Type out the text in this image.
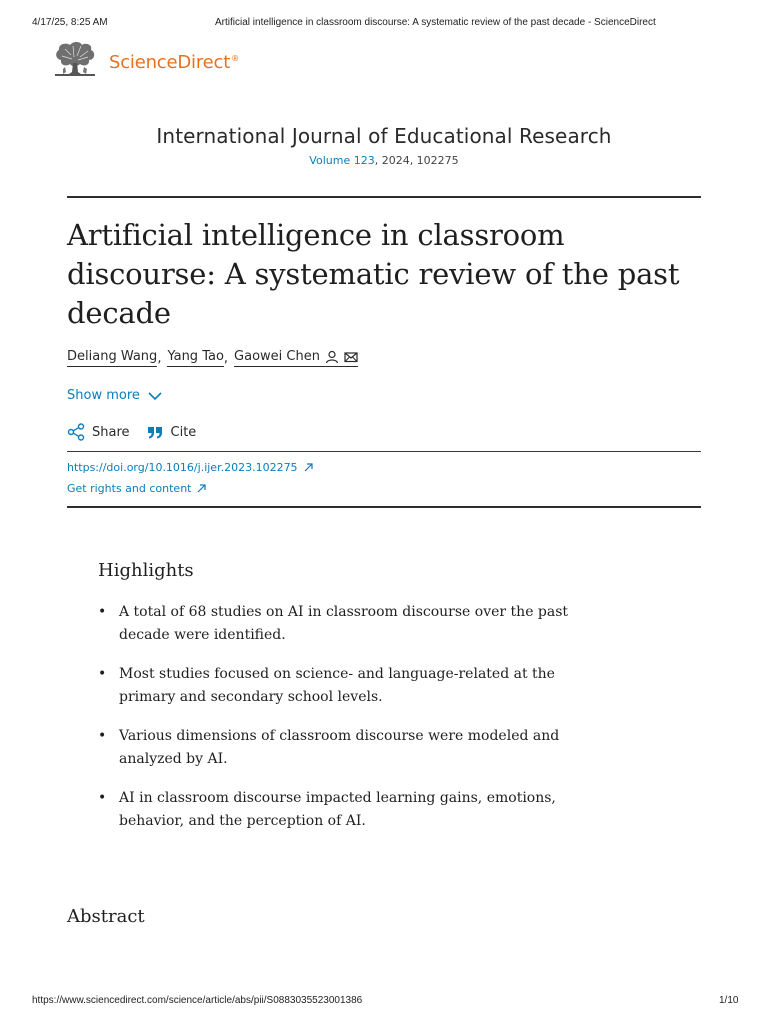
4/17/25, 8:25 AM	Artificial intelligence in classroom discourse: A systematic review of the past decade - ScienceDirect
ScienceDirect®
International Journal of Educational Research
Volume 123, 2024, 102275
Artificial intelligence in classroom discourse: A systematic review of the past decade
Deliang Wang , Yang Tao , Gaowei Chen
Show more
Share	Cite
https://doi.org/10.1016/j.ijer.2023.102275
Get rights and content
Highlights
• A total of 68 studies on AI in classroom discourse over the past decade were identified.
• Most studies focused on science- and language-related at the primary and secondary school levels.
• Various dimensions of classroom discourse were modeled and analyzed by AI.
• AI in classroom discourse impacted learning gains, emotions, behavior, and the perception of AI.
Abstract
https://www.sciencedirect.com/science/article/abs/pii/S0883035523001386	1/10
